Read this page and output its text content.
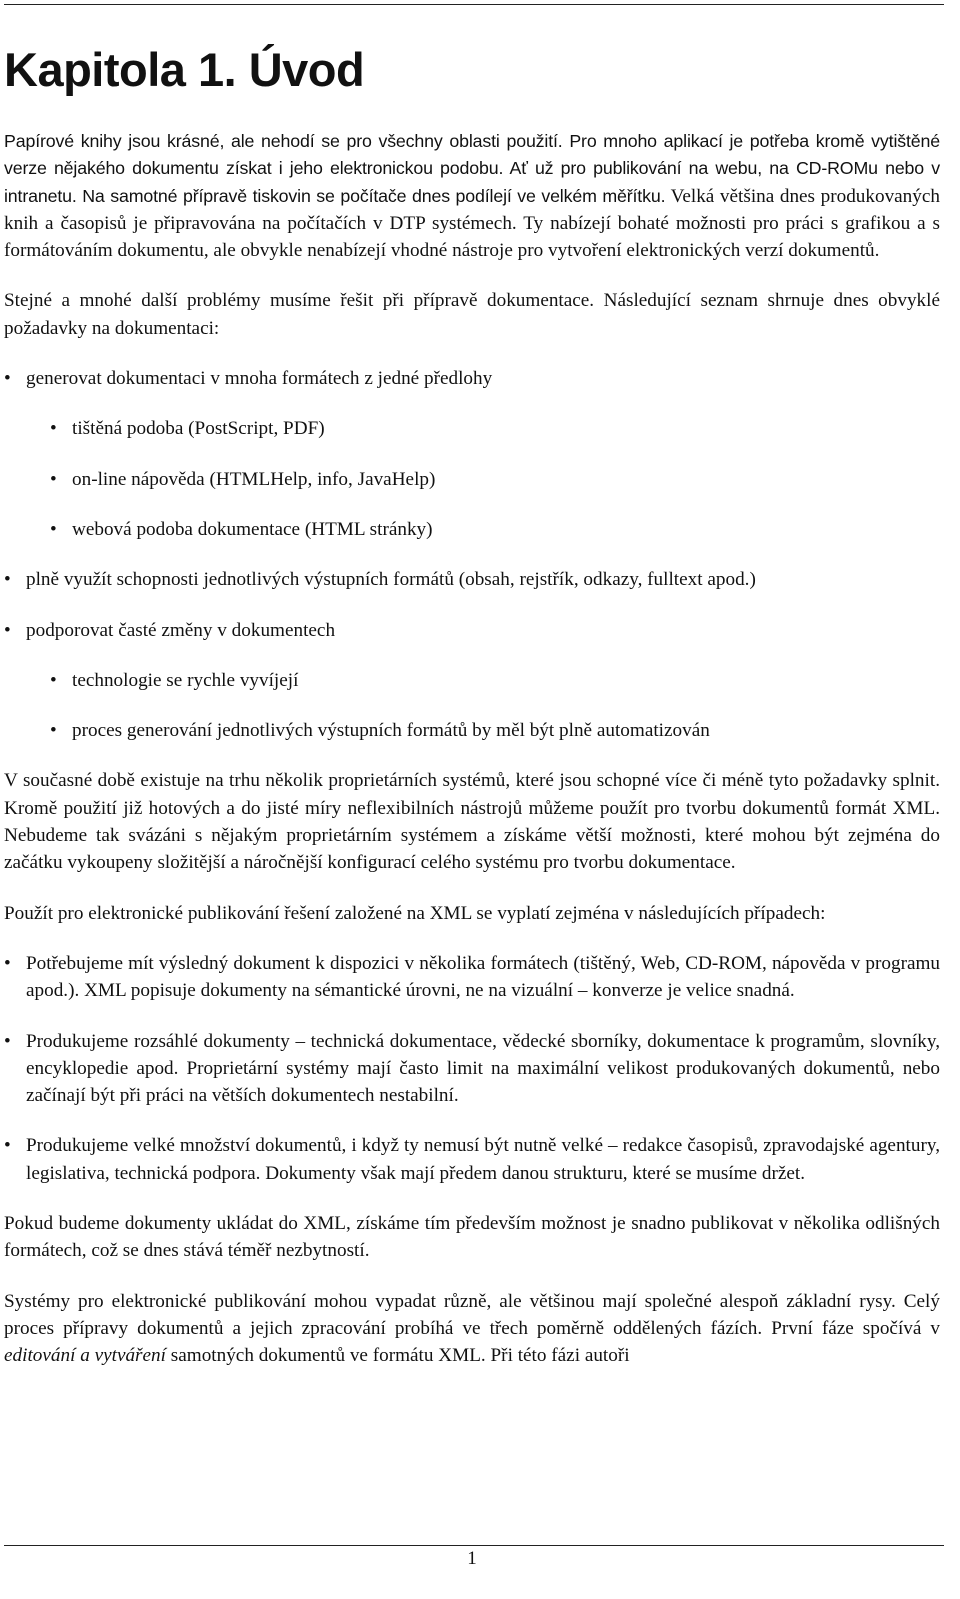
Kapitola 1. Úvod

Papírové knihy jsou krásné, ale nehodí se pro všechny oblasti použití. Pro mnoho aplikací je potřeba kromě vytištěné verze nějakého dokumentu získat i jeho elektronickou podobu. Ať už pro publikování na webu, na CD-ROMu nebo v intranetu. Na samotné přípravě tiskovin se počítače dnes podílejí ve velkém měřítku. Velká většina dnes produkovaných knih a časopisů je připravována na počítačích v DTP systémech. Ty nabízejí bohaté možnosti pro práci s grafikou a s formátováním dokumentu, ale obvykle nenabízejí vhodné nástroje pro vytvoření elektronických verzí dokumentů.

Stejné a mnohé další problémy musíme řešit při přípravě dokumentace. Následující seznam shrnuje dnes obvyklé požadavky na dokumentaci:

• generovat dokumentaci v mnoha formátech z jedné předlohy
• tištěná podoba (PostScript, PDF)
• on-line nápověda (HTMLHelp, info, JavaHelp)
• webová podoba dokumentace (HTML stránky)
• plně využít schopnosti jednotlivých výstupních formátů (obsah, rejstřík, odkazy, fulltext apod.)
• podporovat časté změny v dokumentech
• technologie se rychle vyvíjejí
• proces generování jednotlivých výstupních formátů by měl být plně automatizován

V současné době existuje na trhu několik proprietárních systémů, které jsou schopné více či méně tyto požadavky splnit. Kromě použití již hotových a do jisté míry neflexibilních nástrojů můžeme použít pro tvorbu dokumentů formát XML. Nebudeme tak svázáni s nějakým proprietárním systémem a získáme větší možnosti, které mohou být zejména do začátku vykoupeny složitější a náročnější konfigurací celého systému pro tvorbu dokumentace.

Použít pro elektronické publikování řešení založené na XML se vyplatí zejména v následujících případech:

• Potřebujeme mít výsledný dokument k dispozici v několika formátech (tištěný, Web, CD-ROM, nápověda v programu apod.). XML popisuje dokumenty na sémantické úrovni, ne na vizuální – konverze je velice snadná.
• Produkujeme rozsáhlé dokumenty – technická dokumentace, vědecké sborníky, dokumentace k programům, slovníky, encyklopedie apod. Proprietární systémy mají často limit na maximální velikost produkovaných dokumentů, nebo začínají být při práci na větších dokumentech nestabilní.
• Produkujeme velké množství dokumentů, i když ty nemusí být nutně velké – redakce časopisů, zpravodajské agentury, legislativa, technická podpora. Dokumenty však mají předem danou strukturu, které se musíme držet.

Pokud budeme dokumenty ukládat do XML, získáme tím především možnost je snadno publikovat v několika odlišných formátech, což se dnes stává téměř nezbytností.

Systémy pro elektronické publikování mohou vypadat různě, ale většinou mají společné alespoň základní rysy. Celý proces přípravy dokumentů a jejich zpracování probíhá ve třech poměrně oddělených fázích. První fáze spočívá v editování a vytváření samotných dokumentů ve formátu XML. Při této fázi autoři

1
